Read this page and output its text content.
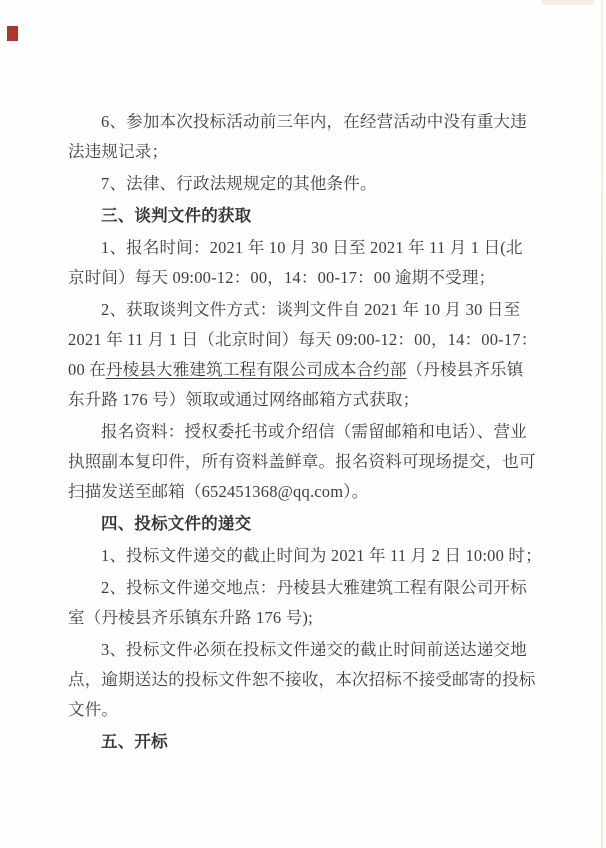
6、参加本次投标活动前三年内，在经营活动中没有重大违
法违规记录；
7、法律、行政法规规定的其他条件。
三、谈判文件的获取
1、报名时间：2021 年 10 月 30 日至 2021 年 11 月 1 日(北
京时间）每天 09:00-12：00，14：00-17：00 逾期不受理；
2、获取谈判文件方式：谈判文件自 2021 年 10 月 30 日至
2021 年 11 月 1 日（北京时间）每天 09:00-12：00，14：00-17：
00 在丹棱县大雅建筑工程有限公司成本合约部（丹棱县齐乐镇
东升路 176 号）领取或通过网络邮箱方式获取；
报名资料：授权委托书或介绍信（需留邮箱和电话）、营业
执照副本复印件，所有资料盖鲜章。报名资料可现场提交，也可
扫描发送至邮箱（652451368@qq.com）。
四、投标文件的递交
1、投标文件递交的截止时间为 2021 年 11 月 2 日 10:00 时；
2、投标文件递交地点：丹棱县大雅建筑工程有限公司开标
室（丹棱县齐乐镇东升路 176 号);
3、投标文件必须在投标文件递交的截止时间前送达递交地
点，逾期送达的投标文件恕不接收，本次招标不接受邮寄的投标
文件。
五、开标
